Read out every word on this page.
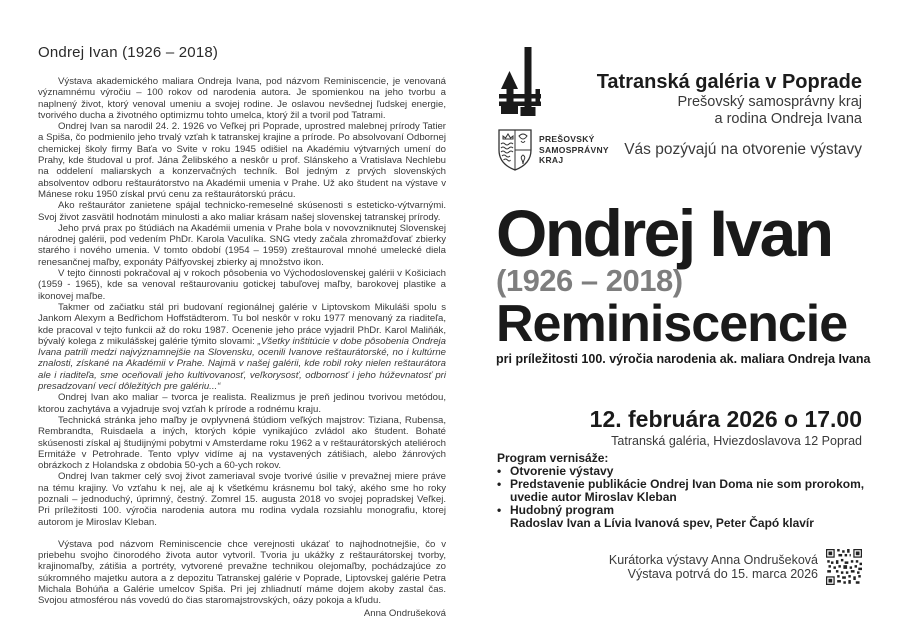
Ondrej Ivan (1926 – 2018)

Výstava akademického maliara Ondreja Ivana, pod názvom Reminiscencie, je venovaná významnému výročiu – 100 rokov od narodenia autora. Je spomienkou na jeho tvorbu a naplnený život, ktorý venoval umeniu a svojej rodine. Je oslavou nevšednej ľudskej energie, tvorivého ducha a životného optimizmu tohto umelca, ktorý žil a tvoril pod Tatrami.

Ondrej Ivan sa narodil 24. 2. 1926 vo Veľkej pri Poprade, uprostred malebnej prírody Tatier a Spiša, čo podmienilo jeho trvalý vzťah k tatranskej krajine a prírode. Po absolvovaní Odbornej chemickej školy firmy Baťa vo Svite v roku 1945 odišiel na Akadémiu výtvarných umení do Prahy, kde študoval u prof. Jána Želibského a neskôr u prof. Slánskeho a Vratislava Nechlebu na oddelení maliarskych a konzervačných techník. Bol jedným z prvých slovenských absolventov odboru reštaurátorstvo na Akadémii umenia v Prahe. Už ako študent na výstave v Mánese roku 1950 získal prvú cenu za reštaurátorskú prácu.

Ako reštaurátor zanietene spájal technicko-remeselné skúsenosti s esteticko-výtvarnými. Svoj život zasvätil hodnotám minulosti a ako maliar krásam našej slovenskej tatranskej prírody.

Jeho prvá prax po štúdiách na Akadémii umenia v Prahe bola v novovzniknutej Slovenskej národnej galérii, pod vedením PhDr. Karola Vaculíka. SNG vtedy začala zhromažďovať zbierky starého i nového umenia. V tomto období (1954 – 1959) zreštauroval mnohé umelecké diela renesančnej maľby, exponáty Pálfyovskej zbierky aj množstvo ikon.

V tejto činnosti pokračoval aj v rokoch pôsobenia vo Východoslovenskej galérii v Košiciach (1959 - 1965), kde sa venoval reštaurovaniu gotickej tabuľovej maľby, barokovej plastike a ikonovej maľbe.

Takmer od začiatku stál pri budovaní regionálnej galérie v Liptovskom Mikuláši spolu s Jankom Alexym a Bedřichom Hoffstädterom. Tu bol neskôr v roku 1977 menovaný za riaditeľa, kde pracoval v tejto funkcii až do roku 1987. Ocenenie jeho práce vyjadril PhDr. Karol Maliňák, bývalý kolega z mikulášskej galérie týmito slovami: „Všetky inštitúcie v dobe pôsobenia Ondreja Ivana patrili medzi najvýznamnejšie na Slovensku, ocenili Ivanove reštaurátorské, no i kultúrne znalosti, získané na Akadémii v Prahe. Najmä v našej galérii, kde robil roky nielen reštaurátora ale i riaditeľa, sme oceňovali jeho kultivovanosť, veľkorysosť, odbornosť i jeho húževnatosť pri presadzovaní vecí dôležitých pre galériu...“

Ondrej Ivan ako maliar – tvorca je realista. Realizmus je preň jedinou tvorivou metódou, ktorou zachytáva a vyjadruje svoj vzťah k prírode a rodnému kraju.

Technická stránka jeho maľby je ovplyvnená štúdiom veľkých majstrov: Tiziana, Rubensa, Rembrandta, Ruisdaela a iných, ktorých kópie vynikajúco zvládol ako študent. Bohaté skúsenosti získal aj študijnými pobytmi v Amsterdame roku 1962 a v reštaurátorských ateliéroch Ermitáže v Petrohrade. Tento vplyv vidíme aj na vystavených zátišiach, alebo žánrových obrázkoch z Holandska z obdobia 50-ych a 60-ych rokov.

Ondrej Ivan takmer celý svoj život zameriaval svoje tvorivé úsilie v prevažnej miere práve na tému krajiny. Vo vzťahu k nej, ale aj k všetkému krásnemu bol taký, akého sme ho roky poznali – jednoduchý, úprimný, čestný. Zomrel 15. augusta 2018 vo svojej popradskej Veľkej. Pri príležitosti 100. výročia narodenia autora mu rodina vydala rozsiahlu monografiu, ktorej autorom je Miroslav Kleban.

Výstava pod názvom Reminiscencie chce verejnosti ukázať to najhodnotnejšie, čo v priebehu svojho činorodého života autor vytvoril. Tvoria ju ukážky z reštaurátorskej tvorby, krajinomaľby, zátišia a portréty, vytvorené prevažne technikou olejomaľby, pochádzajúce zo súkromného majetku autora a z depozitu Tatranskej galérie v Poprade, Liptovskej galérie Petra Michala Bohúňa a Galérie umelcov Spiša. Pri jej zhliadnutí máme dojem akoby zastal čas. Svojou atmosférou nás vovedú do čias staromajstrovských, oázy pokoja a kľudu.

Anna Ondrušeková

PREŠOVSKÝ
SAMOSPRÁVNY
KRAJ
Tatranská galéria v Poprade
Prešovský samosprávny kraj
a rodina Ondreja Ivana
Vás pozývajú na otvorenie výstavy
Ondrej Ivan
(1926 – 2018)
Reminiscencie
pri príležitosti 100. výročia narodenia ak. maliara Ondreja Ivana
12. februára 2026 o 17.00
Tatranská galéria, Hviezdoslavova 12 Poprad
Program vernisáže:
• Otvorenie výstavy
• Predstavenie publikácie Ondrej Ivan Doma nie som prorokom,
uvedie autor Miroslav Kleban
• Hudobný program
Radoslav Ivan a Lívia Ivanová spev, Peter Čapó klavír
Kurátorka výstavy Anna Ondrušeková
Výstava potrvá do 15. marca 2026
